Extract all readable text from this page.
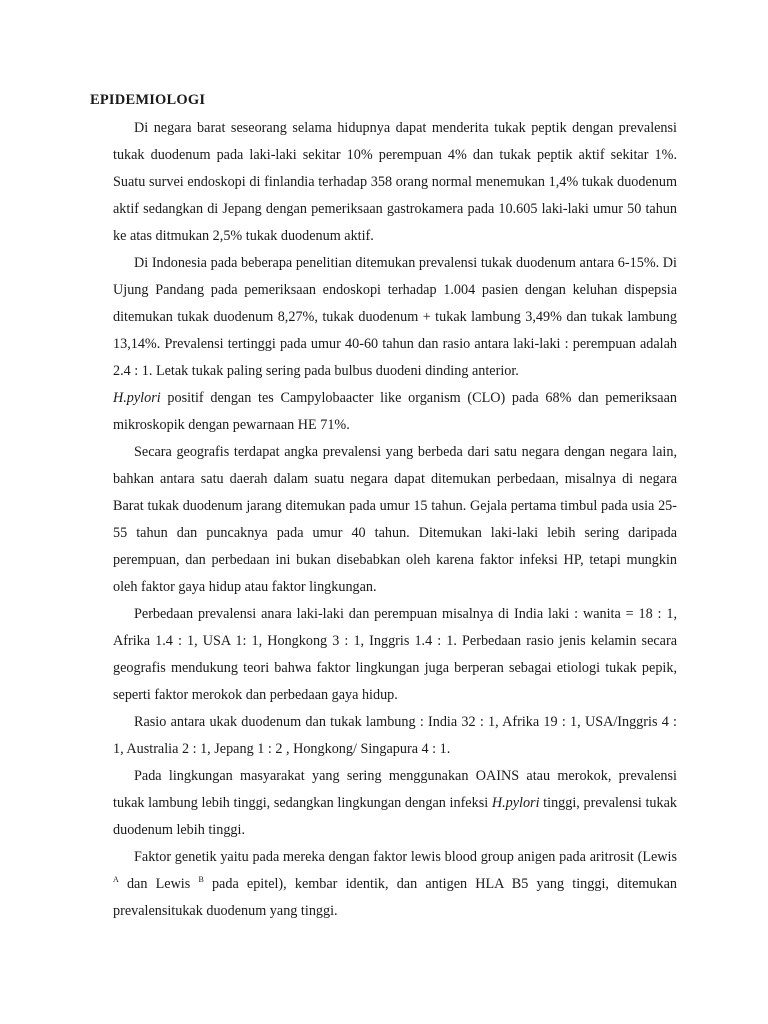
EPIDEMIOLOGI

Di negara barat seseorang selama hidupnya dapat menderita tukak peptik dengan prevalensi tukak duodenum pada laki-laki sekitar 10% perempuan 4% dan tukak peptik aktif sekitar 1%. Suatu survei endoskopi di finlandia terhadap 358 orang normal menemukan 1,4% tukak duodenum aktif sedangkan di Jepang dengan pemeriksaan gastrokamera pada 10.605 laki-laki umur 50 tahun ke atas ditmukan 2,5% tukak duodenum aktif.

Di Indonesia pada beberapa penelitian ditemukan prevalensi tukak duodenum antara 6-15%. Di Ujung Pandang pada pemeriksaan endoskopi terhadap 1.004 pasien dengan keluhan dispepsia ditemukan tukak duodenum 8,27%, tukak duodenum + tukak lambung 3,49% dan tukak lambung 13,14%. Prevalensi tertinggi pada umur 40-60 tahun dan rasio antara laki-laki : perempuan adalah 2.4 : 1. Letak tukak paling sering pada bulbus duodeni dinding anterior.
H.pylori positif dengan tes Campylobaacter like organism (CLO) pada 68% dan pemeriksaan mikroskopik dengan pewarnaan HE 71%.

Secara geografis terdapat angka prevalensi yang berbeda dari satu negara dengan negara lain, bahkan antara satu daerah dalam suatu negara dapat ditemukan perbedaan, misalnya di negara Barat tukak duodenum jarang ditemukan pada umur 15 tahun. Gejala pertama timbul pada usia 25-55 tahun dan puncaknya pada umur 40 tahun. Ditemukan laki-laki lebih sering daripada perempuan, dan perbedaan ini bukan disebabkan oleh karena faktor infeksi HP, tetapi mungkin oleh faktor gaya hidup atau faktor lingkungan.

Perbedaan prevalensi anara laki-laki dan perempuan misalnya di India laki : wanita = 18 : 1, Afrika 1.4 : 1, USA 1: 1, Hongkong 3 : 1, Inggris 1.4 : 1. Perbedaan rasio jenis kelamin secara geografis mendukung teori bahwa faktor lingkungan juga berperan sebagai etiologi tukak pepik, seperti faktor merokok dan perbedaan gaya hidup.

Rasio antara ukak duodenum dan tukak lambung : India 32 : 1, Afrika 19 : 1, USA/Inggris 4 : 1, Australia 2 : 1, Jepang 1 : 2 , Hongkong/ Singapura 4 : 1.

Pada lingkungan masyarakat yang sering menggunakan OAINS atau merokok, prevalensi tukak lambung lebih tinggi, sedangkan lingkungan dengan infeksi H.pylori tinggi, prevalensi tukak duodenum lebih tinggi.

Faktor genetik yaitu pada mereka dengan faktor lewis blood group anigen pada aritrosit (Lewis $^A$ dan Lewis $^B$ pada epitel), kembar identik, dan antigen HLA B5 yang tinggi, ditemukan prevalensitukak duodenum yang tinggi.
